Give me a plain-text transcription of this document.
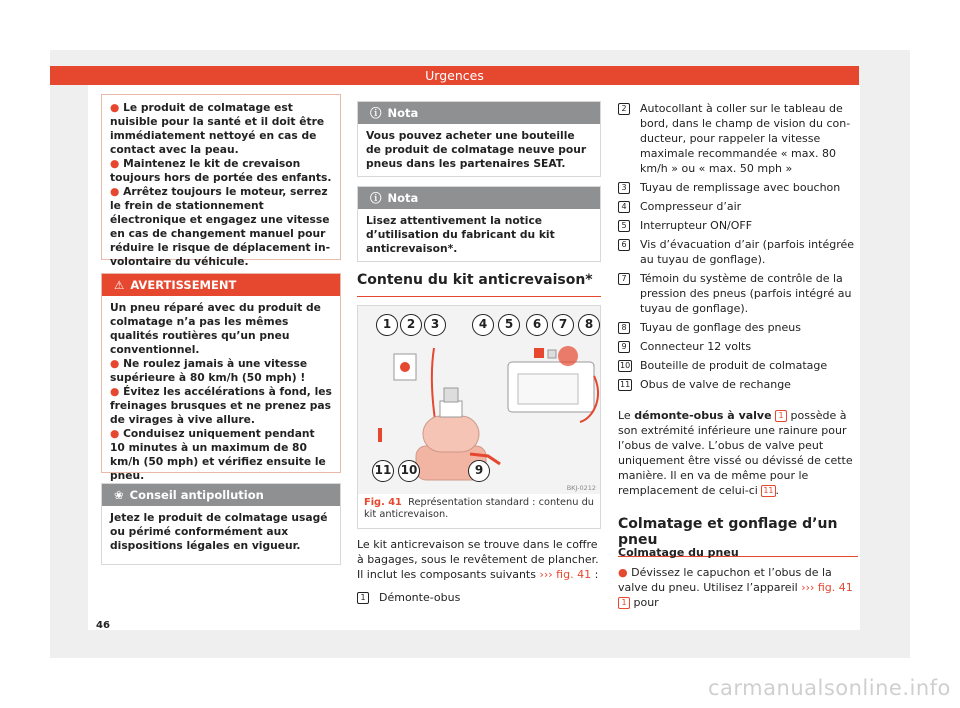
Urgences
● Le produit de colmatage est nuisible pour la santé et il doit être immédiatement nettoyé en cas de contact avec la peau.
● Maintenez le kit de crevaison toujours hors de portée des enfants.
● Arrêtez toujours le moteur, serrez le frein de stationnement électronique et engagez une vitesse en cas de changement manuel pour réduire le risque de déplacement involontaire du véhicule.
⚠ AVERTISSEMENT
Un pneu réparé avec du produit de colmatage n’a pas les mêmes qualités routières qu’un pneu conventionnel.
● Ne roulez jamais à une vitesse supérieure à 80 km/h (50 mph) !
● Évitez les accélérations à fond, les freinages brusques et ne prenez pas de virages à vive allure.
● Conduisez uniquement pendant 10 minutes à un maximum de 80 km/h (50 mph) et vérifiez ensuite le pneu.
❀ Conseil antipollution
Jetez le produit de colmatage usagé ou périmé conformément aux dispositions légales en vigueur.
ⓘ Nota
Vous pouvez acheter une bouteille de produit de colmatage neuve pour pneus dans les partenaires SEAT.
ⓘ Nota
Lisez attentivement la notice d’utilisation du fabricant du kit anticrevaison*.
Contenu du kit anticrevaison*
BKJ-0212
1	2	3	4	5	6	7	8
11 10	9
Fig. 41 Représentation standard : contenu du kit anticrevaison.
Le kit anticrevaison se trouve dans le coffre à bagages, sous le revêtement de plancher. Il inclut les composants suivants ››› fig. 41 :
1	Démonte-obus
2	Autocollant à coller sur le tableau de bord, dans le champ de vision du conducteur, pour rappeler la vitesse maximale recommandée « max. 80 km/h » ou « max. 50 mph »
3	Tuyau de remplissage avec bouchon
4	Compresseur d’air
5	Interrupteur ON/OFF
6	Vis d’évacuation d’air (parfois intégrée au tuyau de gonflage).
7	Témoin du système de contrôle de la pression des pneus (parfois intégré au tuyau de gonflage).
8	Tuyau de gonflage des pneus
9	Connecteur 12 volts
10 Bouteille de produit de colmatage
11 Obus de valve de rechange
Le démonte-obus à valve 1 possède à son extrémité inférieure une rainure pour l’obus de valve. L’obus de valve peut uniquement être vissé ou dévissé de cette manière. Il en va de même pour le remplacement de celui-ci 11 .
Colmatage et gonflage d’un pneu
Colmatage du pneu
● Dévissez le capuchon et l’obus de la valve du pneu. Utilisez l’appareil ››› fig. 41 1 pour
46
carmanualsonline.info
